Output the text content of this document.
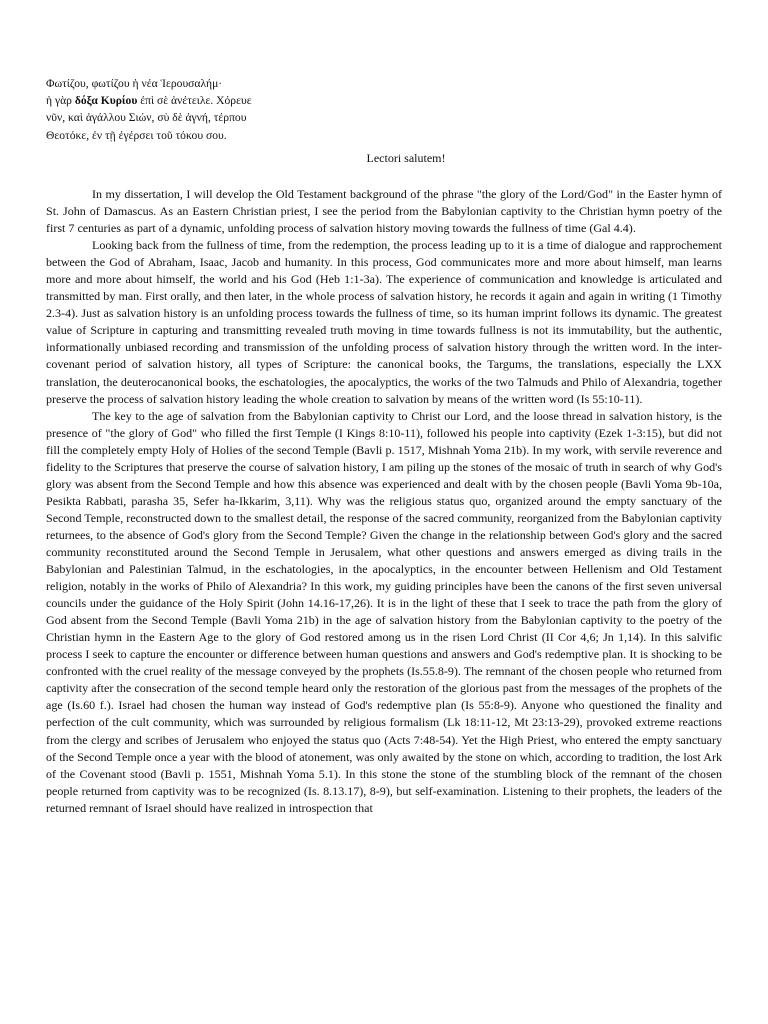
Φωτίζου, φωτίζου ἡ νέα Ἱερουσαλήμ·
ἡ γὰρ δόξα Κυρίου ἐπὶ σὲ ἀνέτειλε. Χόρευε
νῦν, καὶ ἀγάλλου Σιών, σὺ δὲ ἁγνή, τέρπου
Θεοτόκε, ἐν τῇ ἐγέρσει τοῦ τόκου σου.
Lectori salutem!

In my dissertation, I will develop the Old Testament background of the phrase "the glory of the Lord/God" in the Easter hymn of St. John of Damascus. As an Eastern Christian priest, I see the period from the Babylonian captivity to the Christian hymn poetry of the first 7 centuries as part of a dynamic, unfolding process of salvation history moving towards the fullness of time (Gal 4.4).

Looking back from the fullness of time, from the redemption, the process leading up to it is a time of dialogue and rapprochement between the God of Abraham, Isaac, Jacob and humanity. In this process, God communicates more and more about himself, man learns more and more about himself, the world and his God (Heb 1:1-3a). The experience of communication and knowledge is articulated and transmitted by man. First orally, and then later, in the whole process of salvation history, he records it again and again in writing (1 Timothy 2.3-4). Just as salvation history is an unfolding process towards the fullness of time, so its human imprint follows its dynamic. The greatest value of Scripture in capturing and transmitting revealed truth moving in time towards fullness is not its immutability, but the authentic, informationally unbiased recording and transmission of the unfolding process of salvation history through the written word. In the inter-covenant period of salvation history, all types of Scripture: the canonical books, the Targums, the translations, especially the LXX translation, the deuterocanonical books, the eschatologies, the apocalyptics, the works of the two Talmuds and Philo of Alexandria, together preserve the process of salvation history leading the whole creation to salvation by means of the written word (Is 55:10-11).

The key to the age of salvation from the Babylonian captivity to Christ our Lord, and the loose thread in salvation history, is the presence of "the glory of God" who filled the first Temple (I Kings 8:10-11), followed his people into captivity (Ezek 1-3:15), but did not fill the completely empty Holy of Holies of the second Temple (Bavli p. 1517, Mishnah Yoma 21b). In my work, with servile reverence and fidelity to the Scriptures that preserve the course of salvation history, I am piling up the stones of the mosaic of truth in search of why God's glory was absent from the Second Temple and how this absence was experienced and dealt with by the chosen people (Bavli Yoma 9b-10a, Pesikta Rabbati, parasha 35, Sefer ha-Ikkarim, 3,11). Why was the religious status quo, organized around the empty sanctuary of the Second Temple, reconstructed down to the smallest detail, the response of the sacred community, reorganized from the Babylonian captivity returnees, to the absence of God's glory from the Second Temple? Given the change in the relationship between God's glory and the sacred community reconstituted around the Second Temple in Jerusalem, what other questions and answers emerged as diving trails in the Babylonian and Palestinian Talmud, in the eschatologies, in the apocalyptics, in the encounter between Hellenism and Old Testament religion, notably in the works of Philo of Alexandria? In this work, my guiding principles have been the canons of the first seven universal councils under the guidance of the Holy Spirit (John 14.16-17,26). It is in the light of these that I seek to trace the path from the glory of God absent from the Second Temple (Bavli Yoma 21b) in the age of salvation history from the Babylonian captivity to the poetry of the Christian hymn in the Eastern Age to the glory of God restored among us in the risen Lord Christ (II Cor 4,6; Jn 1,14). In this salvific process I seek to capture the encounter or difference between human questions and answers and God's redemptive plan. It is shocking to be confronted with the cruel reality of the message conveyed by the prophets (Is.55.8-9). The remnant of the chosen people who returned from captivity after the consecration of the second temple heard only the restoration of the glorious past from the messages of the prophets of the age (Is.60 f.). Israel had chosen the human way instead of God's redemptive plan (Is 55:8-9). Anyone who questioned the finality and perfection of the cult community, which was surrounded by religious formalism (Lk 18:11-12, Mt 23:13-29), provoked extreme reactions from the clergy and scribes of Jerusalem who enjoyed the status quo (Acts 7:48-54). Yet the High Priest, who entered the empty sanctuary of the Second Temple once a year with the blood of atonement, was only awaited by the stone on which, according to tradition, the lost Ark of the Covenant stood (Bavli p. 1551, Mishnah Yoma 5.1). In this stone the stone of the stumbling block of the remnant of the chosen people returned from captivity was to be recognized (Is. 8.13.17), 8-9), but self-examination. Listening to their prophets, the leaders of the returned remnant of Israel should have realized in introspection that
